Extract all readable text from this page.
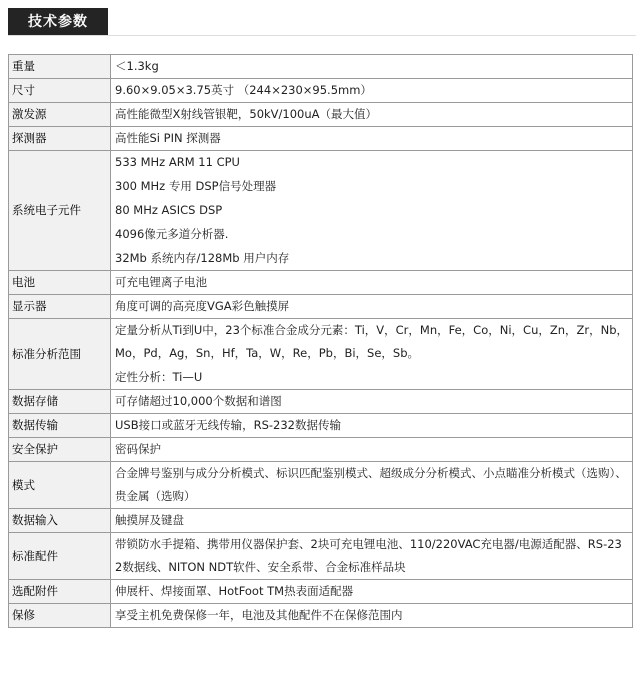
技术参数
重量	＜1.3kg

尺寸	9.60×9.05×3.75英寸 （244×230×95.5mm）

激发源	高性能微型X射线管银靶，50kV/100uA（最大值）

探测器	高性能Si PIN 探测器

系统电子元件	533 MHz ARM 11 CPU
300 MHz 专用 DSP信号处理器
80 MHz ASICS DSP
4096像元多道分析器.
32Mb 系统内存/128Mb 用户内存

电池	可充电锂离子电池

显示器	角度可调的高亮度VGA彩色触摸屏

标准分析范围	定量分析从Ti到U中，23个标准合金成分元素：Ti，V，Cr，Mn，Fe，Co，Ni，Cu，Zn，Zr，Nb，Mo，Pd，Ag，Sn，Hf，Ta，W，Re，Pb，Bi，Se，Sb。
定性分析：Ti—U

数据存储	可存储超过10,000个数据和谱图

数据传输	USB接口或蓝牙无线传输，RS-232数据传输

安全保护	密码保护

模式	合金牌号鉴别与成分分析模式、标识匹配鉴别模式、超级成分分析模式、小点瞄准分析模式（选购）、贵金属（选购）

数据输入	触摸屏及键盘

标准配件	带锁防水手提箱、携带用仪器保护套、2块可充电锂电池、110/220VAC充电器/电源适配器、RS-232数据线、NITON NDT软件、安全系带、合金标准样品块

选配附件	伸展杆、焊接面罩、HotFoot TM热表面适配器

保修	享受主机免费保修一年，电池及其他配件不在保修范围内
